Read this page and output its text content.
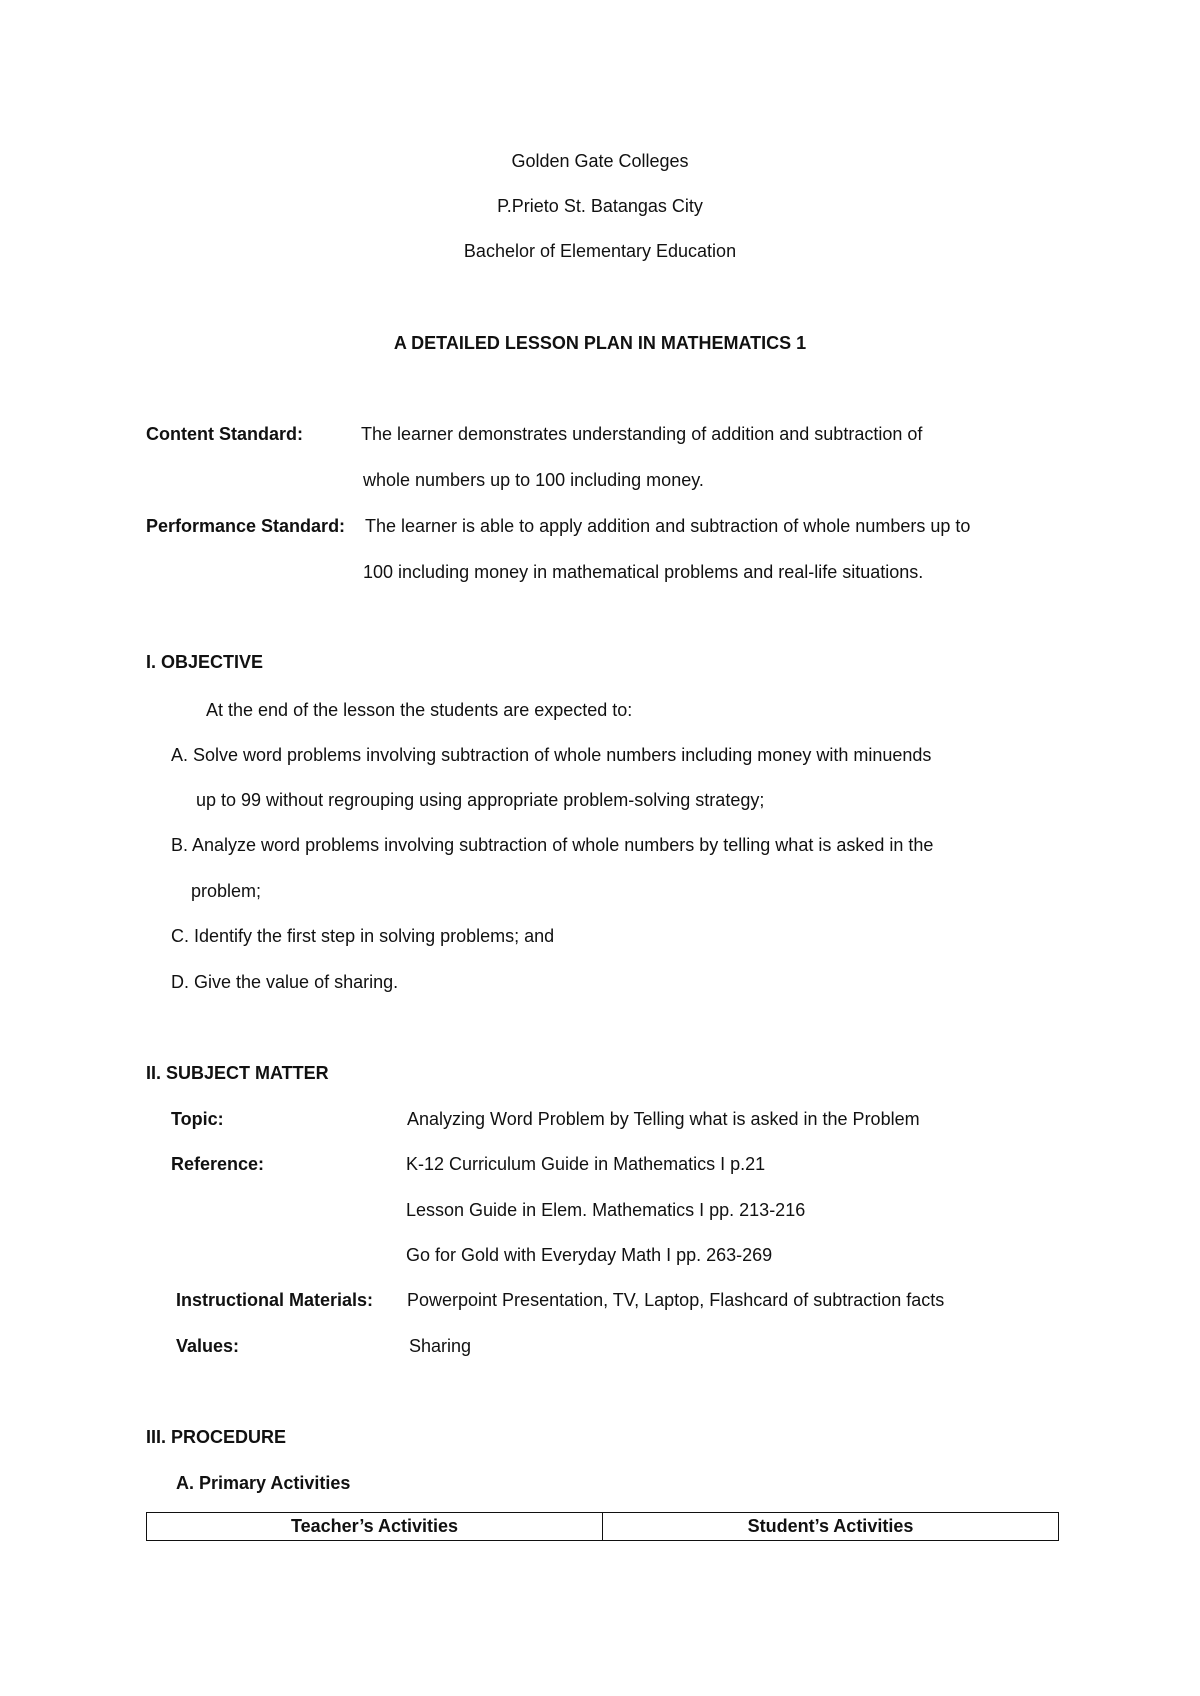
Golden Gate Colleges
P.Prieto St. Batangas City
Bachelor of Elementary Education
A DETAILED LESSON PLAN IN MATHEMATICS 1
Content Standard:	The learner demonstrates understanding of addition and subtraction of
whole numbers up to 100 including money.
Performance Standard: The learner is able to apply addition and subtraction of whole numbers up to
100 including money in mathematical problems and real-life situations.
I. OBJECTIVE
At the end of the lesson the students are expected to:
A. Solve word problems involving subtraction of whole numbers including money with minuends
up to 99 without regrouping using appropriate problem-solving strategy;
B. Analyze word problems involving subtraction of whole numbers by telling what is asked in the
problem;
C. Identify the first step in solving problems; and
D. Give the value of sharing.
II. SUBJECT MATTER
Topic:	Analyzing Word Problem by Telling what is asked in the Problem
Reference:	K-12 Curriculum Guide in Mathematics I p.21
Lesson Guide in Elem. Mathematics I pp. 213-216
Go for Gold with Everyday Math I pp. 263-269
Instructional Materials: Powerpoint Presentation, TV, Laptop, Flashcard of subtraction facts
Values:	Sharing
III. PROCEDURE
A. Primary Activities
Teacher’s Activities	Student’s Activities
